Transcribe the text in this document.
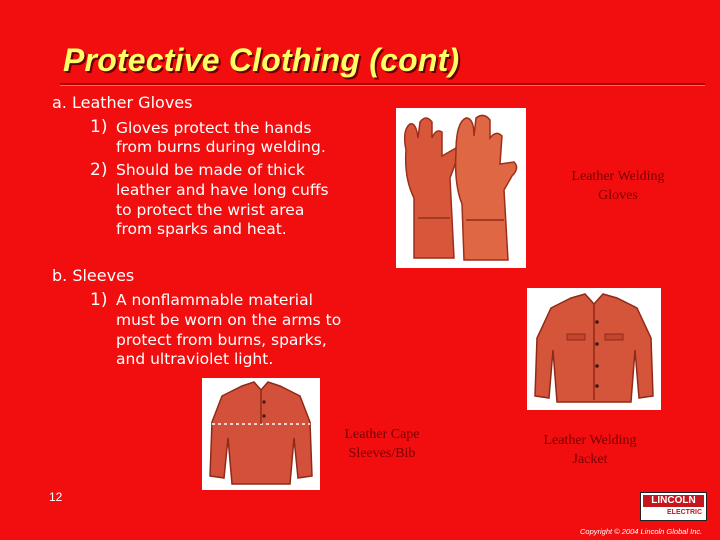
Protective Clothing (cont)
a. Leather Gloves
1) Gloves protect the hands
from burns during welding.
2) Should be made of thick
leather and have long cuffs
to protect the wrist area
from sparks and heat.
Leather Welding
Gloves
b. Sleeves
1) A nonflammable material
must be worn on the arms to
protect from burns, sparks,
and ultraviolet light.
Leather Cape
Sleeves/Bib
Leather Welding
Jacket
12	LINCOLN
ELECTRIC
Copyright © 2004 Lincoln Global Inc.
